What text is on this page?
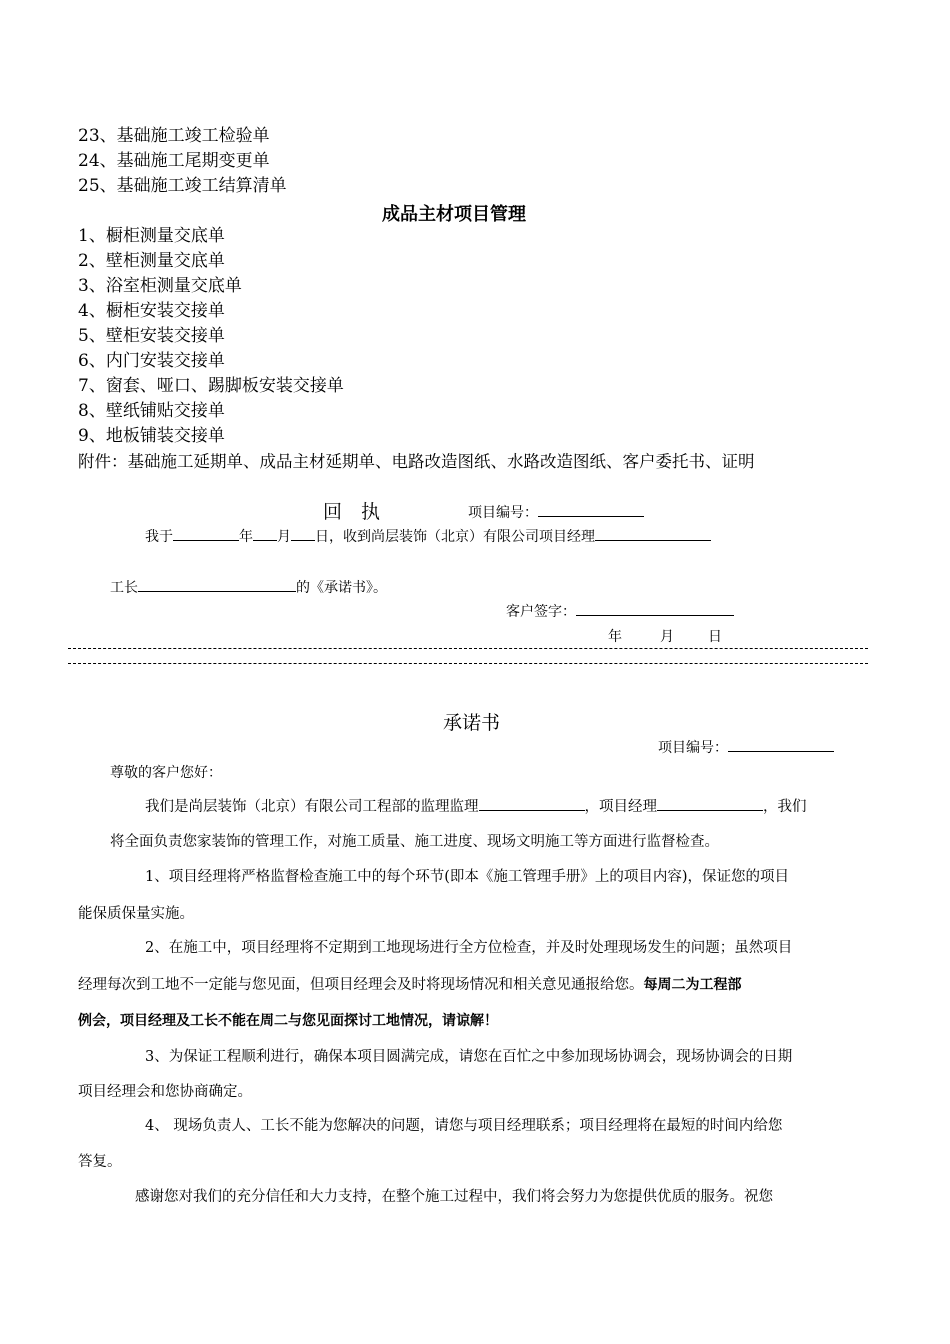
23、基础施工竣工检验单
24、基础施工尾期变更单
25、基础施工竣工结算清单
成品主材项目管理
1、橱柜测量交底单
2、壁柜测量交底单
3、浴室柜测量交底单
4、橱柜安装交接单
5、壁柜安装交接单
6、内门安装交接单
7、窗套、哑口、踢脚板安装交接单
8、壁纸铺贴交接单
9、地板铺装交接单
附件：基础施工延期单、成品主材延期单、电路改造图纸、水路改造图纸、客户委托书、证明
回　执	项目编号：
我于	年 月 日，收到尚层装饰（北京）有限公司项目经理
工长	的《承诺书》。
客户签字：
年	月 日
承诺书
项目编号：
尊敬的客户您好：
我们是尚层装饰（北京）有限公司工程部的监理监理	，项目经理	，我们
将全面负责您家装饰的管理工作，对施工质量、施工进度、现场文明施工等方面进行监督检查。
1、项目经理将严格监督检查施工中的每个环节(即本《施工管理手册》上的项目内容)，保证您的项目
能保质保量实施。
2、在施工中，项目经理将不定期到工地现场进行全方位检查，并及时处理现场发生的问题；虽然项目
经理每次到工地不一定能与您见面，但项目经理会及时将现场情况和相关意见通报给您。每周二为工程部
例会，项目经理及工长不能在周二与您见面探讨工地情况，请谅解！
3、为保证工程顺利进行，确保本项目圆满完成，请您在百忙之中参加现场协调会，现场协调会的日期
项目经理会和您协商确定。
4、 现场负责人、工长不能为您解决的问题，请您与项目经理联系；项目经理将在最短的时间内给您
答复。
感谢您对我们的充分信任和大力支持，在整个施工过程中，我们将会努力为您提供优质的服务。祝您
